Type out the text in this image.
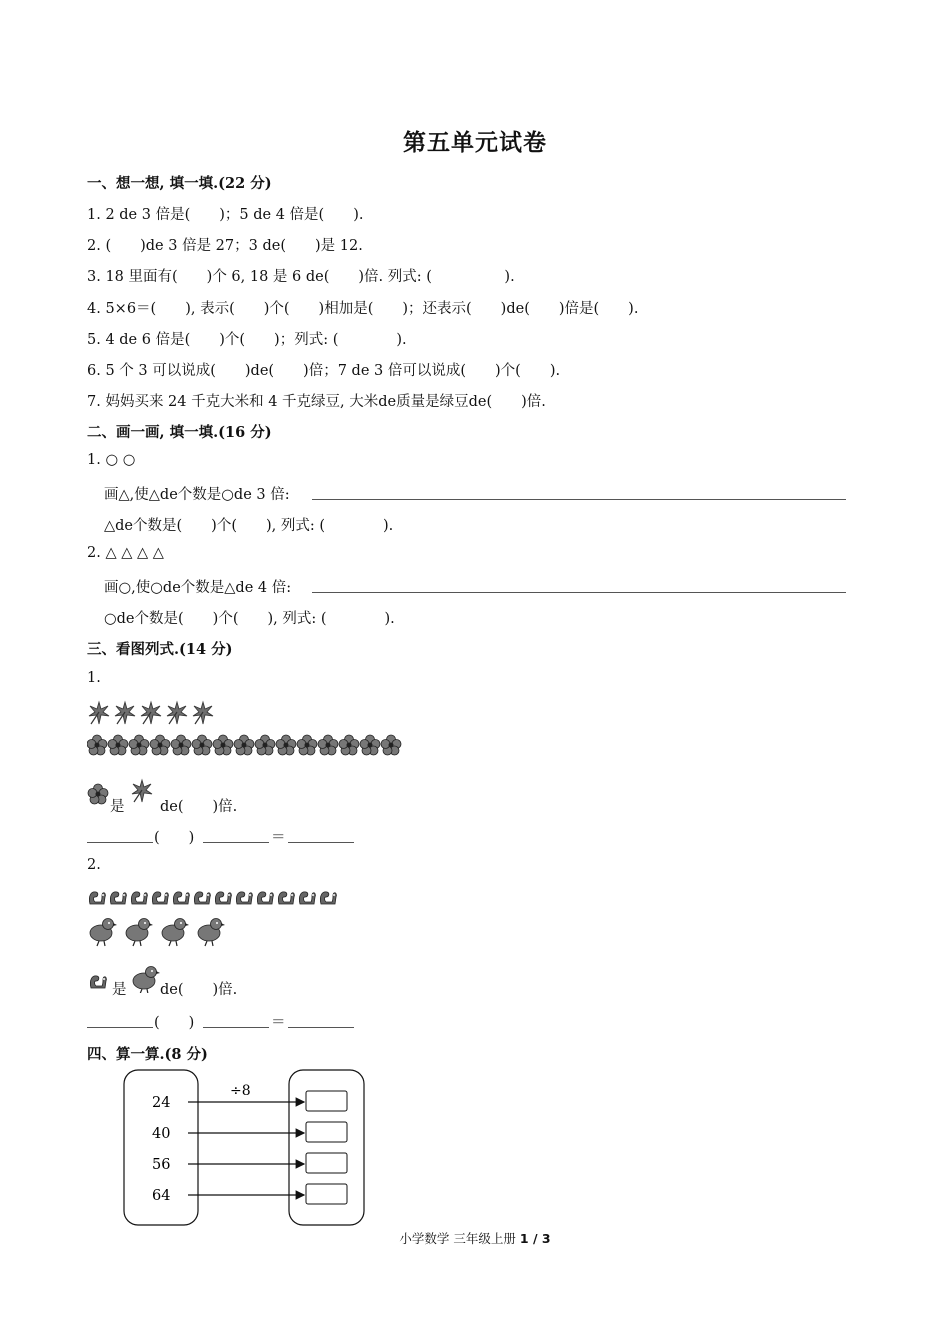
第五单元试卷
一、想一想, 填一填.(22 分)
1. 2 de 3 倍是(　　)；5 de 4 倍是(　　).
2. (　　)de 3 倍是 27；3 de(　　)是 12.
3. 18 里面有(　　)个 6, 18 是 6 de(　　)倍. 列式: (　　　　　).
4. 5×6＝(　　), 表示(　　)个(　　)相加是(　　)；还表示(　　)de(　　)倍是(　　).
5. 4 de 6 倍是(　　)个(　　)；列式: (　　　　).
6. 5 个 3 可以说成(　　)de(　　)倍；7 de 3 倍可以说成(　　)个(　　).
7. 妈妈买来 24 千克大米和 4 千克绿豆, 大米de质量是绿豆de(　　)倍.
二、画一画, 填一填.(16 分)
1. ○ ○
画△,使△de个数是○de 3 倍:
△de个数是(　　)个(　　), 列式: (　　　　).
2. △ △ △ △
画○,使○de个数是△de 4 倍:
○de个数是(　　)个(　　), 列式: (　　　　).
三、看图列式.(14 分)
1.
是 de(　　)倍.
(　　)	＝
2.
是 de(　　)倍.
(　　)	＝
四、算一算.(8 分)
÷8
24
40
56
64
小学数学 三年级上册 1 / 3
